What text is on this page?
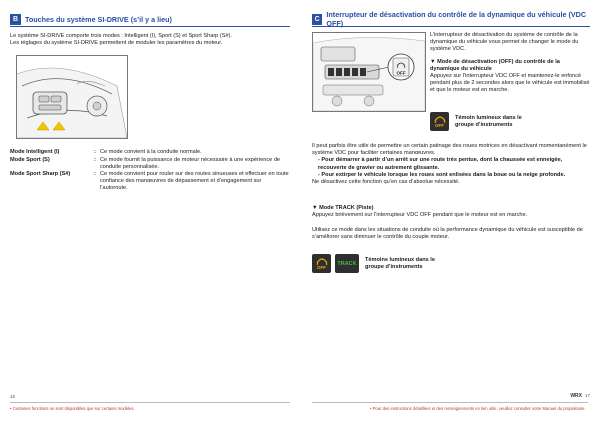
B Touches du système SI-DRIVE (s’il y a lieu)

Le système SI-DRIVE comporte trois modes : Intelligent (I), Sport (S) et Sport Sharp (S#).

Les réglages du système SI-DRIVE permettent de moduler les paramètres du moteur.

Mode Intelligent (I)	: Ce mode convient à la conduite normale.
Mode Sport (S)	: Ce mode fournit la puissance de moteur nécessaire à une expérience de conduite personnalisée.
Mode Sport Sharp (S#)	: Ce mode convient pour rouler sur des routes sinueuses et effectuer en toute confiance des manœuvres de dépassement et d’engagement sur l’autoroute.
16
• Certaines fonctions ne sont disponibles que sur certains modèles.
C Interrupteur de désactivation du contrôle de la dynamique du véhicule (VDC OFF)
OFF

L’interrupteur de désactivation du système de contrôle de la dynamique du véhicule vous permet de changer le mode du système VDC.

▼ Mode de désactivation (OFF) du contrôle de la dynamique du véhicule

Appuyez sur l’interrupteur VDC OFF et maintenez-le enfoncé pendant plus de 2 secondes alors que le véhicule est immobilisé et que le moteur est en marche.

OFF
Témoin lumineux dans le groupe d’instruments

Il peut parfois être utile de permettre un certain patinage des roues motrices en désactivant momentanément le système VDC pour faciliter certaines manœuvres.

- Pour démarrer à partir d’un arrêt sur une route très pentue, dont la chaussée est enneigée, recouverte de gravier ou autrement glissante.
- Pour extirper le véhicule lorsque les roues sont enlisées dans la boue ou la neige profonde.

Ne désactivez cette fonction qu’en cas d’absolue nécessité.

▼ Mode TRACK (Piste)

Appuyez brièvement sur l’interrupteur VDC OFF pendant que le moteur est en marche.

Utilisez ce mode dans les situations de conduite où la performance dynamique du véhicule est susceptible de s’améliorer sans diminuer le contrôle du couple moteur.

OFF
TRACK
Témoins lumineux dans le groupe d’instruments
WRX 17
• Pour des instructions détaillées et des renseignements en lien utile, veuillez consulter votre Manuel du propriétaire.
